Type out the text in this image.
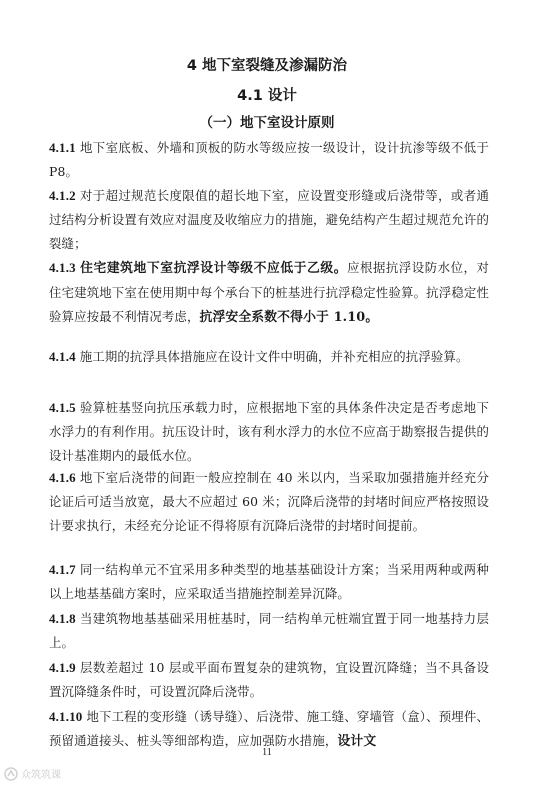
4 地下室裂缝及渗漏防治
4.1 设计
（一）地下室设计原则
4.1.1 地下室底板、外墙和顶板的防水等级应按一级设计，设计抗渗等级不低于 P8。
4.1.2 对于超过规范长度限值的超长地下室，应设置变形缝或后浇带等，或者通过结构分析设置有效应对温度及收缩应力的措施，避免结构产生超过规范允许的裂缝；
4.1.3 住宅建筑地下室抗浮设计等级不应低于乙级。应根据抗浮设防水位，对住宅建筑地下室在使用期中每个承台下的桩基进行抗浮稳定性验算。抗浮稳定性验算应按最不利情况考虑，抗浮安全系数不得小于 1.10。
4.1.4 施工期的抗浮具体措施应在设计文件中明确，并补充相应的抗浮验算。
4.1.5 验算桩基竖向抗压承载力时，应根据地下室的具体条件决定是否考虑地下水浮力的有利作用。抗压设计时，该有利水浮力的水位不应高于勘察报告提供的设计基准期内的最低水位。
4.1.6 地下室后浇带的间距一般应控制在 40 米以内，当采取加强措施并经充分论证后可适当放宽，最大不应超过 60 米；沉降后浇带的封堵时间应严格按照设计要求执行，未经充分论证不得将原有沉降后浇带的封堵时间提前。
4.1.7 同一结构单元不宜采用多种类型的地基基础设计方案；当采用两种或两种以上地基基础方案时，应采取适当措施控制差异沉降。
4.1.8 当建筑物地基基础采用桩基时，同一结构单元桩端宜置于同一地基持力层上。
4.1.9 层数差超过 10 层或平面布置复杂的建筑物，宜设置沉降缝；当不具备设置沉降缝条件时，可设置沉降后浇带。
4.1.10 地下工程的变形缝（诱导缝）、后浇带、施工缝、穿墙管（盒）、预埋件、预留通道接头、桩头等细部构造，应加强防水措施，设计文
11
众筑筑课
